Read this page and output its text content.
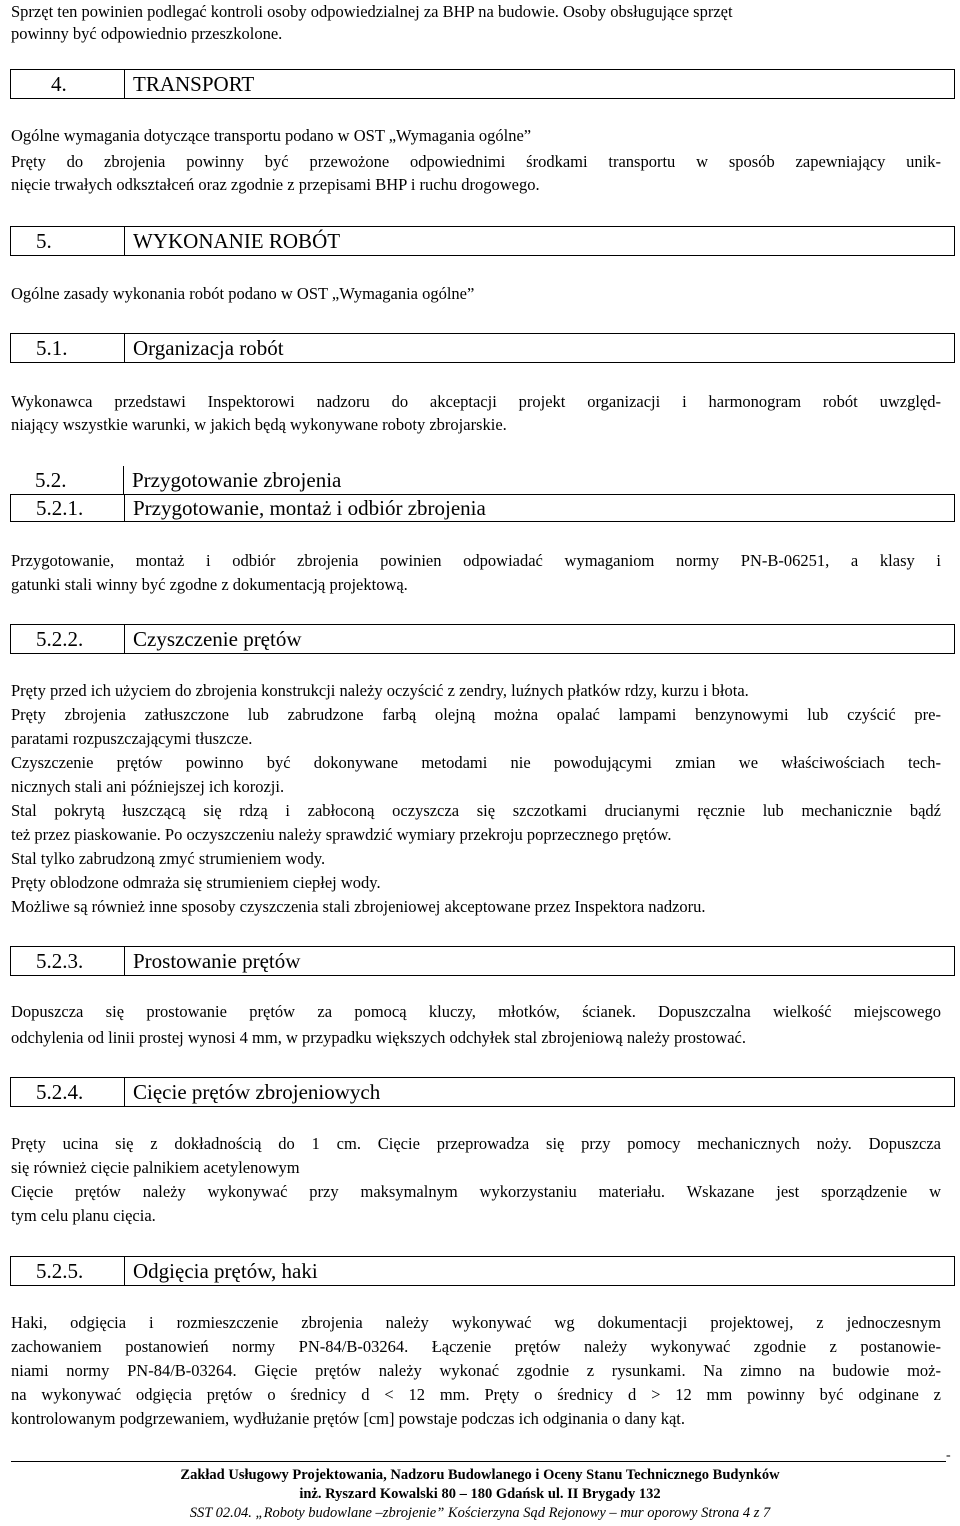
Sprzęt ten powinien podlegać kontroli osoby odpowiedzialnej za BHP na budowie. Osoby obsługujące sprzęt
powinny być odpowiednio przeszkolone.
4.	TRANSPORT
Ogólne wymagania dotyczące transportu podano w OST „Wymagania ogólne”
Pręty do zbrojenia powinny być przewożone odpowiednimi środkami transportu w sposób zapewniający unik-
nięcie trwałych odkształceń oraz zgodnie z przepisami BHP i ruchu drogowego.
5.	WYKONANIE ROBÓT
Ogólne zasady wykonania robót podano w OST „Wymagania ogólne”
5.1.	Organizacja robót
Wykonawca przedstawi Inspektorowi nadzoru do akceptacji projekt organizacji i harmonogram robót uwzględ-
niający wszystkie warunki, w jakich będą wykonywane roboty zbrojarskie.
5.2.	Przygotowanie zbrojenia
5.2.1. Przygotowanie, montaż i odbiór zbrojenia
Przygotowanie, montaż i odbiór zbrojenia powinien odpowiadać wymaganiom normy PN-B-06251, a klasy i
gatunki stali winny być zgodne z dokumentacją projektową.
5.2.2. Czyszczenie prętów
Pręty przed ich użyciem do zbrojenia konstrukcji należy oczyścić z zendry, luźnych płatków rdzy, kurzu i błota.
Pręty zbrojenia zatłuszczone lub zabrudzone farbą olejną można opalać lampami benzynowymi lub czyścić pre-
paratami rozpuszczającymi tłuszcze.
Czyszczenie prętów powinno być dokonywane metodami nie powodującymi zmian we właściwościach tech-
nicznych stali ani późniejszej ich korozji.
Stal pokrytą łuszczącą się rdzą i zabłoconą oczyszcza się szczotkami drucianymi ręcznie lub mechanicznie bądź
też przez piaskowanie. Po oczyszczeniu należy sprawdzić wymiary przekroju poprzecznego prętów.
Stal tylko zabrudzoną zmyć strumieniem wody.
Pręty oblodzone odmraża się strumieniem ciepłej wody.
Możliwe są również inne sposoby czyszczenia stali zbrojeniowej akceptowane przez Inspektora nadzoru.
5.2.3. Prostowanie prętów
Dopuszcza się prostowanie prętów za pomocą kluczy, młotków, ścianek. Dopuszczalna wielkość miejscowego
odchylenia od linii prostej wynosi 4 mm, w przypadku większych odchyłek stal zbrojeniową należy prostować.
5.2.4. Cięcie prętów zbrojeniowych
Pręty ucina się z dokładnością do 1 cm. Cięcie przeprowadza się przy pomocy mechanicznych noży. Dopuszcza
się również cięcie palnikiem acetylenowym
Cięcie prętów należy wykonywać przy maksymalnym wykorzystaniu materiału. Wskazane jest sporządzenie w
tym celu planu cięcia.
5.2.5. Odgięcia prętów, haki
Haki, odgięcia i rozmieszczenie zbrojenia należy wykonywać wg dokumentacji projektowej, z jednoczesnym
zachowaniem postanowień normy PN-84/B-03264. Łączenie prętów należy wykonywać zgodnie z postanowie-
niami normy PN-84/B-03264. Gięcie prętów należy wykonać zgodnie z rysunkami. Na zimno na budowie moż-
na wykonywać odgięcia prętów o średnicy d < 12 mm. Pręty o średnicy d > 12 mm powinny być odginane z
kontrolowanym podgrzewaniem, wydłużanie prętów [cm] powstaje podczas ich odginania o dany kąt.
-
Zakład Usługowy Projektowania, Nadzoru Budowlanego i Oceny Stanu Technicznego Budynków
inż. Ryszard Kowalski 80 – 180 Gdańsk ul. II Brygady 132
SST 02.04. „Roboty budowlane –zbrojenie” Kościerzyna Sąd Rejonowy – mur oporowy Strona 4 z 7
